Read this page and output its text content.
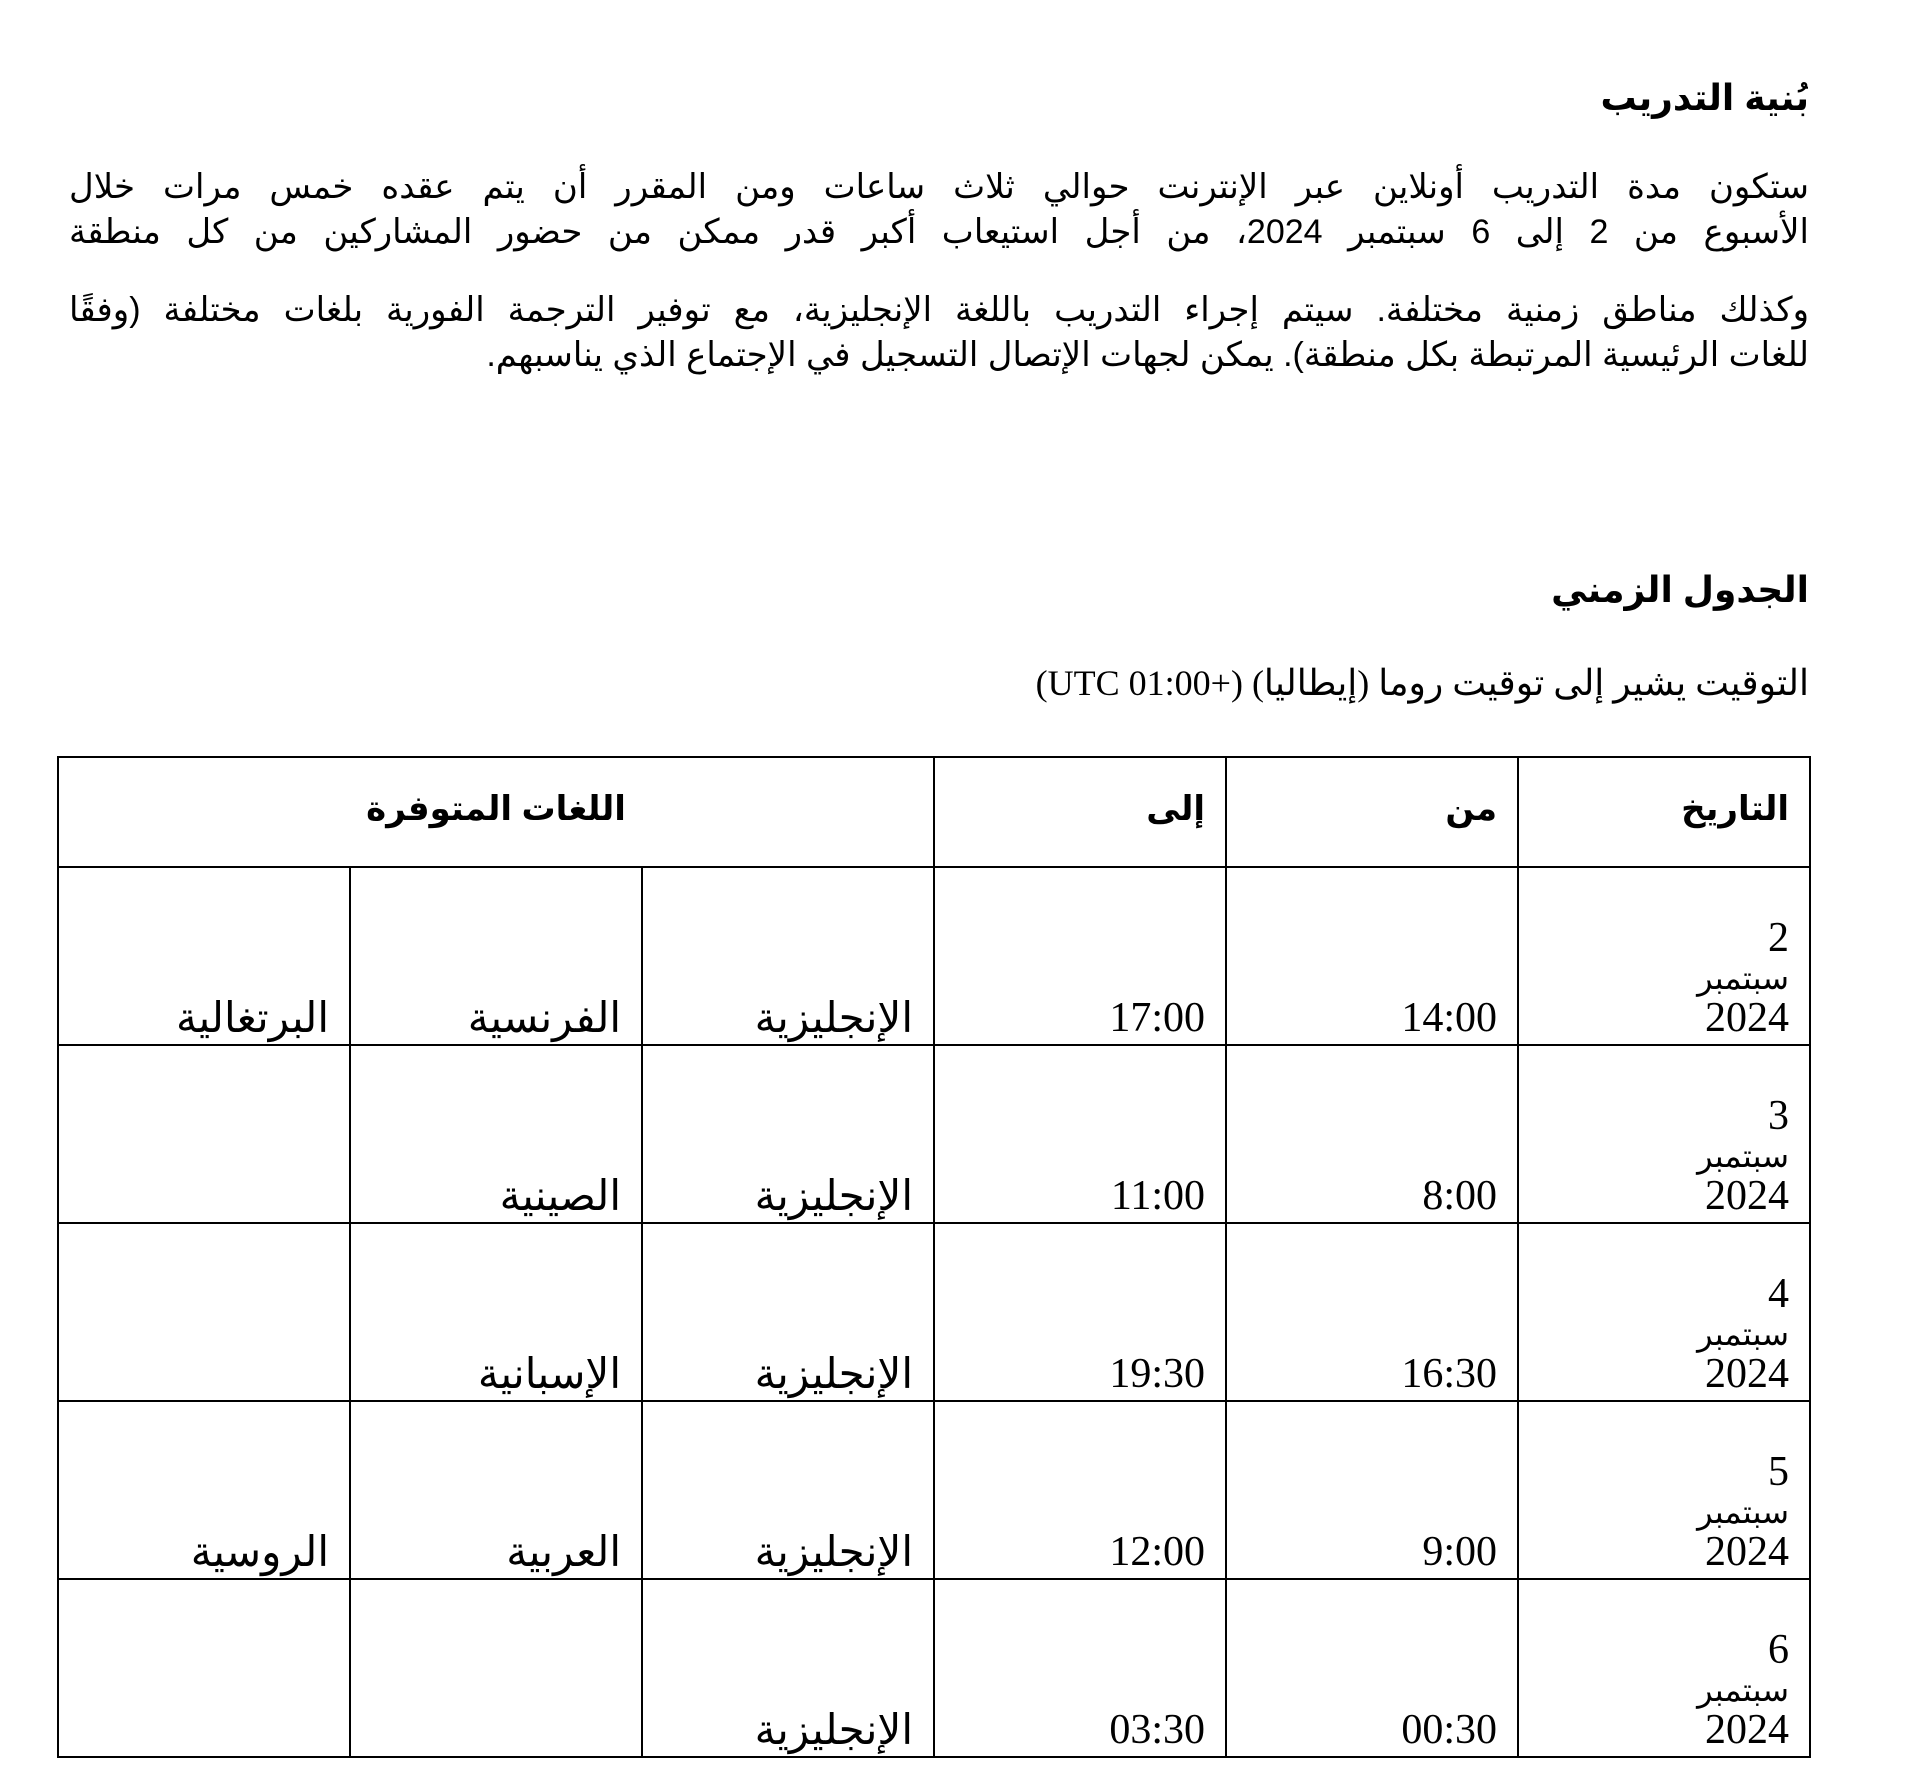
بُنية التدريب
ستكون مدة التدريب أونلاين عبر الإنترنت حوالي ثلاث ساعات ومن المقرر أن يتم عقده خمس مرات خلال
الأسبوع من 2 إلى 6 سبتمبر 2024، من أجل استيعاب أكبر قدر ممكن من حضور المشاركين من كل منطقة
وكذلك مناطق زمنية مختلفة. سيتم إجراء التدريب باللغة الإنجليزية، مع توفير الترجمة الفورية بلغات مختلفة (وفقًا
للغات الرئيسية المرتبطة بكل منطقة). يمكن لجهات الإتصال التسجيل في الإجتماع الذي يناسبهم.
الجدول الزمني

التوقيت يشير إلى توقيت روما (إيطاليا) (+01:00 UTC)

التاريخ	من	إلى	اللغات المتوفرة		

2
سبتمبر
2024	14:00	17:00	الإنجليزية	الفرنسية	البرتغالية

3
سبتمبر
2024	8:00	11:00	الإنجليزية	الصينية	

4
سبتمبر
2024	16:30	19:30	الإنجليزية	الإسبانية	

5
سبتمبر
2024	9:00	12:00	الإنجليزية	العربية	الروسية

6
سبتمبر
2024	00:30	03:30	الإنجليزية		
